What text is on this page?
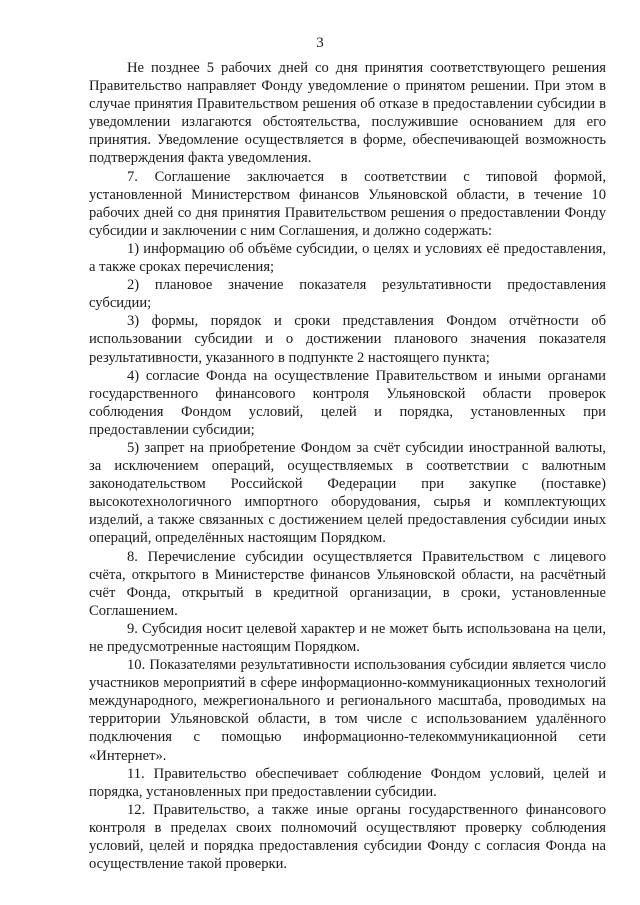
3

Не позднее 5 рабочих дней со дня принятия соответствующего решения Правительство направляет Фонду уведомление о принятом решении. При этом в случае принятия Правительством решения об отказе в предоставлении субсидии в уведомлении излагаются обстоятельства, послужившие основанием для его принятия. Уведомление осуществляется в форме, обеспечивающей возможность подтверждения факта уведомления.

7. Соглашение заключается в соответствии с типовой формой, установленной Министерством финансов Ульяновской области, в течение 10 рабочих дней со дня принятия Правительством решения о предоставлении Фонду субсидии и заключении с ним Соглашения, и должно содержать:

1) информацию об объёме субсидии, о целях и условиях её предоставления, а также сроках перечисления;

2) плановое значение показателя результативности предоставления субсидии;

3) формы, порядок и сроки представления Фондом отчётности об использовании субсидии и о достижении планового значения показателя результативности, указанного в подпункте 2 настоящего пункта;

4) согласие Фонда на осуществление Правительством и иными органами государственного финансового контроля Ульяновской области проверок соблюдения Фондом условий, целей и порядка, установленных при предоставлении субсидии;

5) запрет на приобретение Фондом за счёт субсидии иностранной валюты, за исключением операций, осуществляемых в соответствии с валютным законодательством Российской Федерации при закупке (поставке) высокотехнологичного импортного оборудования, сырья и комплектующих изделий, а также связанных с достижением целей предоставления субсидии иных операций, определённых настоящим Порядком.

8. Перечисление субсидии осуществляется Правительством с лицевого счёта, открытого в Министерстве финансов Ульяновской области, на расчётный счёт Фонда, открытый в кредитной организации, в сроки, установленные Соглашением.

9. Субсидия носит целевой характер и не может быть использована на цели, не предусмотренные настоящим Порядком.

10. Показателями результативности использования субсидии является число участников мероприятий в сфере информационно-коммуникационных технологий международного, межрегионального и регионального масштаба, проводимых на территории Ульяновской области, в том числе с использованием удалённого подключения с помощью информационно-телекоммуникационной сети «Интернет».

11. Правительство обеспечивает соблюдение Фондом условий, целей и порядка, установленных при предоставлении субсидии.

12. Правительство, а также иные органы государственного финансового контроля в пределах своих полномочий осуществляют проверку соблюдения условий, целей и порядка предоставления субсидии Фонду с согласия Фонда на осуществление такой проверки.
